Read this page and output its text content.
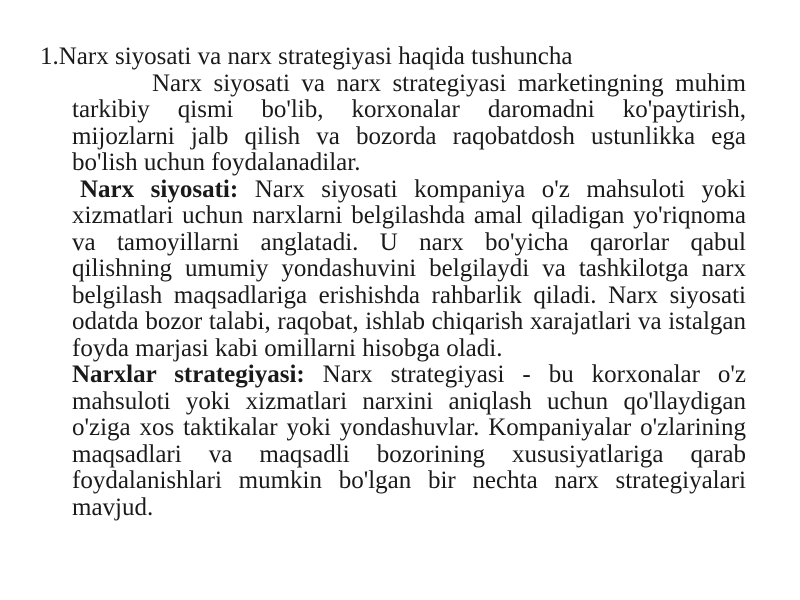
1.Narx siyosati va narx strategiyasi haqida tushuncha

Narx siyosati va narx strategiyasi marketingning muhim tarkibiy qismi bo'lib, korxonalar daromadni ko'paytirish, mijozlarni jalb qilish va bozorda raqobatdosh ustunlikka ega bo'lish uchun foydalanadilar.

Narx siyosati: Narx siyosati kompaniya o'z mahsuloti yoki xizmatlari uchun narxlarni belgilashda amal qiladigan yo'riqnoma va tamoyillarni anglatadi. U narx bo'yicha qarorlar qabul qilishning umumiy yondashuvini belgilaydi va tashkilotga narx belgilash maqsadlariga erishishda rahbarlik qiladi. Narx siyosati odatda bozor talabi, raqobat, ishlab chiqarish xarajatlari va istalgan foyda marjasi kabi omillarni hisobga oladi.

Narxlar strategiyasi: Narx strategiyasi - bu korxonalar o'z mahsuloti yoki xizmatlari narxini aniqlash uchun qo'llaydigan o'ziga xos taktikalar yoki yondashuvlar. Kompaniyalar o'zlarining maqsadlari va maqsadli bozorining xususiyatlariga qarab foydalanishlari mumkin bo'lgan bir nechta narx strategiyalari mavjud.
